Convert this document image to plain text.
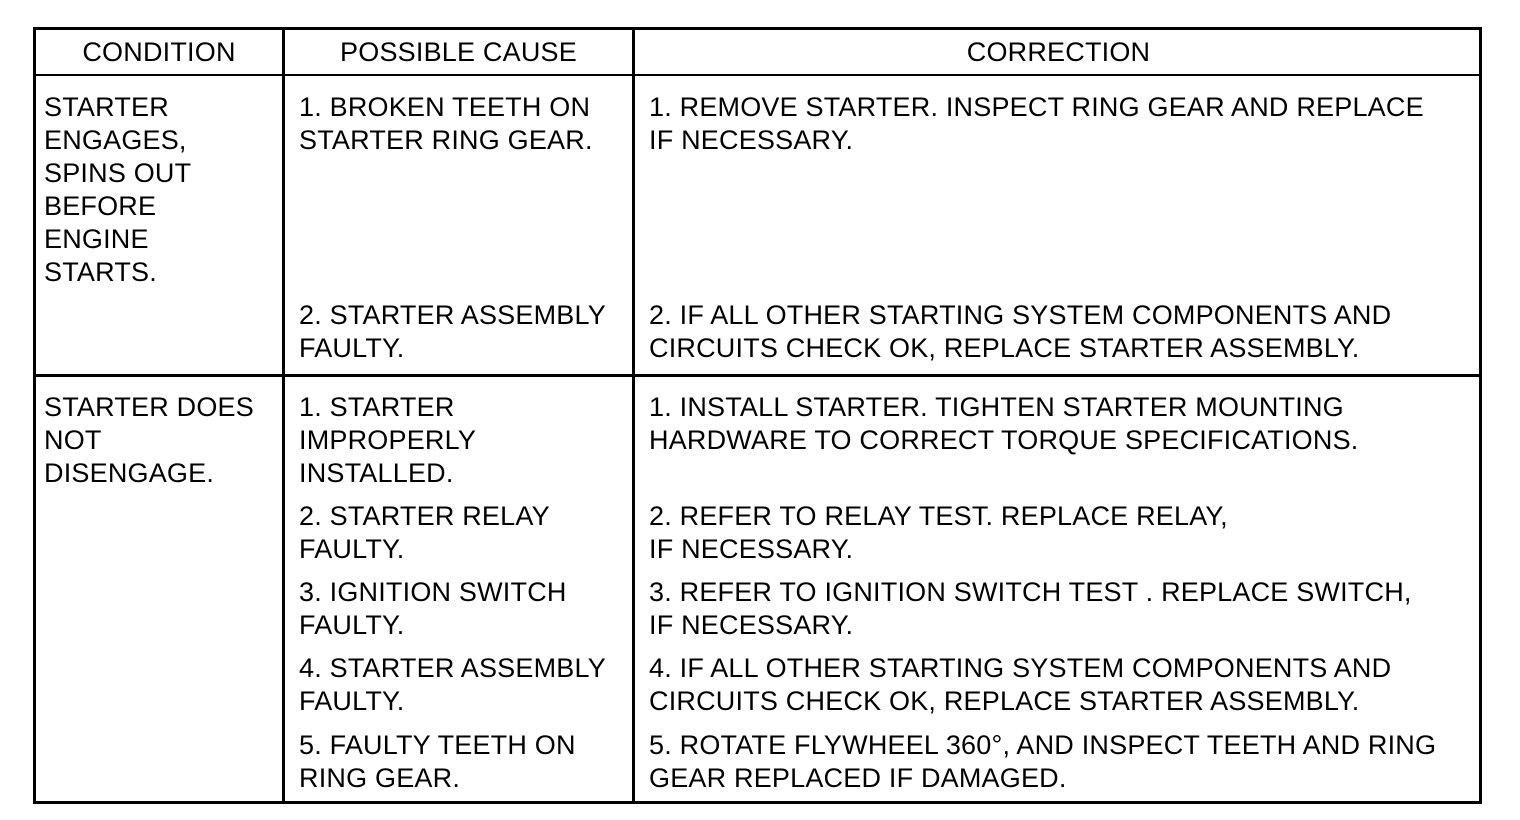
CONDITION	POSSIBLE CAUSE	CORRECTION
STARTER
ENGAGES,
SPINS OUT
BEFORE
ENGINE
STARTS.
1. BROKEN TEETH ON
STARTER RING GEAR.
1. REMOVE STARTER. INSPECT RING GEAR AND REPLACE
IF NECESSARY.
2. STARTER ASSEMBLY
FAULTY.
2. IF ALL OTHER STARTING SYSTEM COMPONENTS AND
CIRCUITS CHECK OK, REPLACE STARTER ASSEMBLY.
STARTER DOES
NOT
DISENGAGE.
1. STARTER
IMPROPERLY
INSTALLED.
1. INSTALL STARTER. TIGHTEN STARTER MOUNTING
HARDWARE TO CORRECT TORQUE SPECIFICATIONS.
2. STARTER RELAY
FAULTY.
2. REFER TO RELAY TEST. REPLACE RELAY,
IF NECESSARY.
3. IGNITION SWITCH
FAULTY.
3. REFER TO IGNITION SWITCH TEST . REPLACE SWITCH,
IF NECESSARY.
4. STARTER ASSEMBLY
FAULTY.
4. IF ALL OTHER STARTING SYSTEM COMPONENTS AND
CIRCUITS CHECK OK, REPLACE STARTER ASSEMBLY.
5. FAULTY TEETH ON
RING GEAR.
5. ROTATE FLYWHEEL 360°, AND INSPECT TEETH AND RING
GEAR REPLACED IF DAMAGED.
